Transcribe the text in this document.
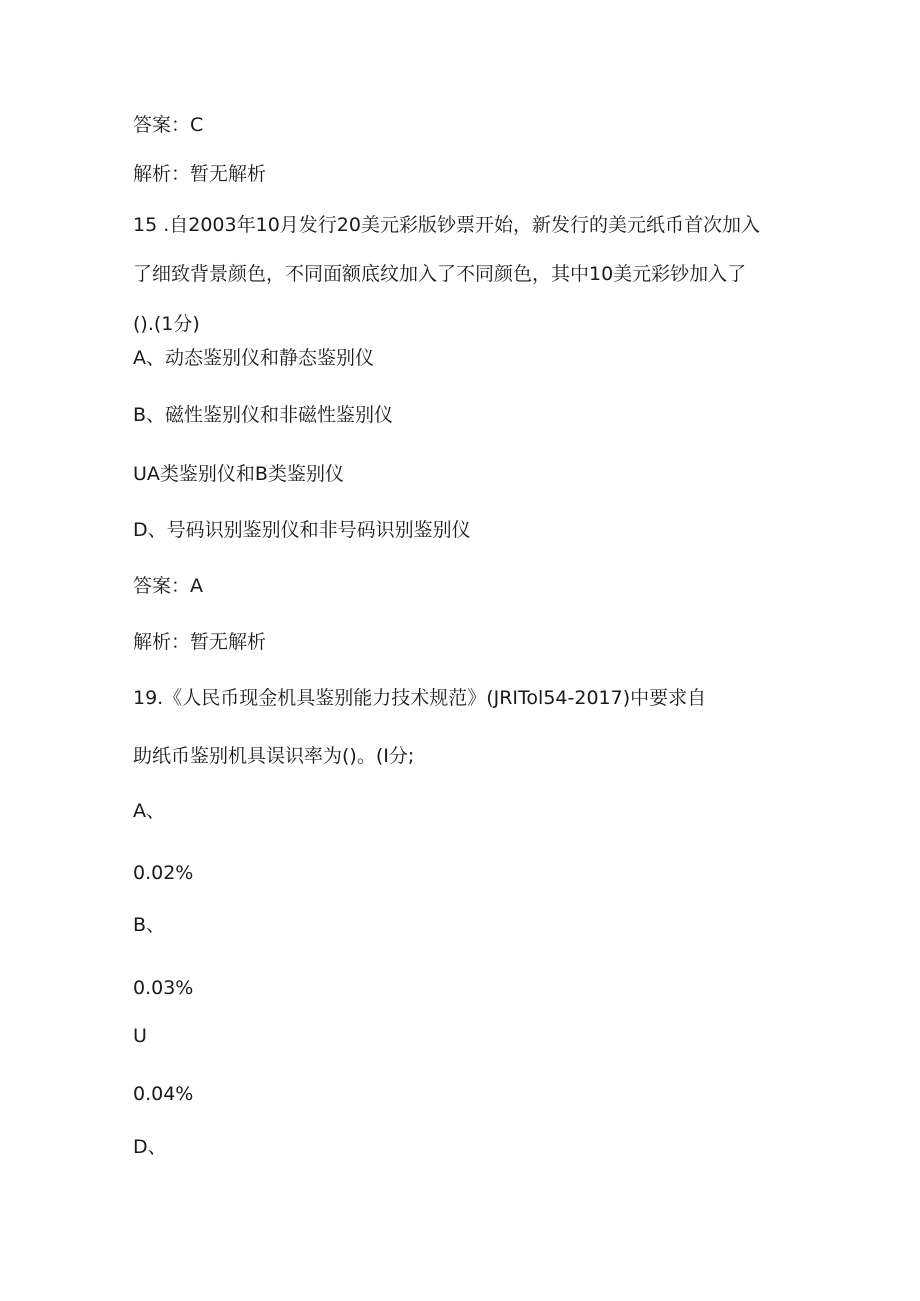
答案：C
解析：暂无解析
15 .自2003年10月发行20美元彩版钞票开始，新发行的美元纸币首次加入
了细致背景颜色，不同面额底纹加入了不同颜色，其中10美元彩钞加入了
().(1分)
A、动态鉴别仪和静态鉴别仪
B、磁性鉴别仪和非磁性鉴别仪
UA类鉴别仪和B类鉴别仪
D、号码识别鉴别仪和非号码识别鉴别仪
答案：A
解析：暂无解析
19.《人民币现金机具鉴别能力技术规范》(JRITol54-2017)中要求自
助纸币鉴别机具误识率为()。(I分;
A、
0.02%
B、
0.03%
U
0.04%
D、
